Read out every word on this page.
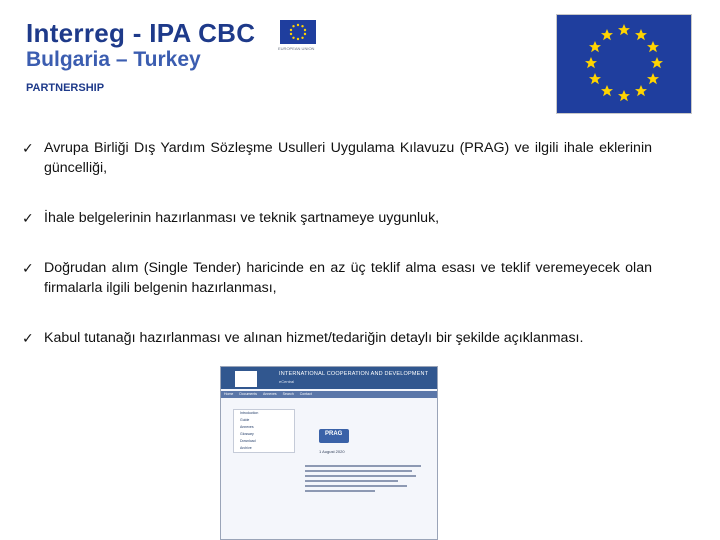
Interreg - IPA CBC
EUROPEAN UNION
Bulgaria – Turkey
PARTNERSHIP
✓ Avrupa Birliği Dış Yardım Sözleşme Usulleri Uygulama Kılavuzu (PRAG) ve ilgili ihale eklerinin güncelliği,
✓ İhale belgelerinin hazırlanması ve teknik şartnameye uygunluk,
✓ Doğrudan alım (Single Tender) haricinde en az üç teklif alma esası ve teklif veremeyecek olan firmalarla ilgili belgenin hazırlanması,
✓ Kabul tutanağı hazırlanması ve alınan hizmet/tedariğin detaylı bir şekilde açıklanması.
INTERNATIONAL COOPERATION AND DEVELOPMENT
eCentral
Home	Documents	Annexes	Search	Contact
Introduction
Guide
Annexes
Glossary
Download
Archive
PRAG
1 August 2020
